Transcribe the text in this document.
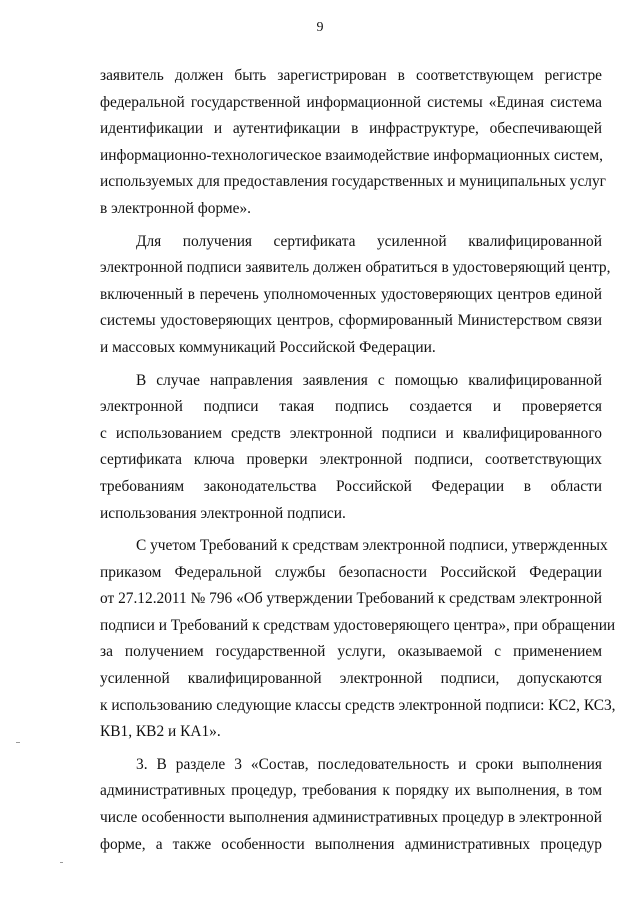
9
заявитель должен быть зарегистрирован в соответствующем регистре
федеральной государственной информационной системы «Единая система
идентификации и аутентификации в инфраструктуре, обеспечивающей
информационно-технологическое взаимодействие информационных систем,
используемых для предоставления государственных и муниципальных услуг
в электронной форме».
Для получения сертификата усиленной квалифицированной
электронной подписи заявитель должен обратиться в удостоверяющий центр,
включенный в перечень уполномоченных удостоверяющих центров единой
системы удостоверяющих центров, сформированный Министерством связи
и массовых коммуникаций Российской Федерации.
В случае направления заявления с помощью квалифицированной
электронной подписи такая подпись создается и проверяется
с использованием средств электронной подписи и квалифицированного
сертификата ключа проверки электронной подписи, соответствующих
требованиям законодательства Российской Федерации в области
использования электронной подписи.
С учетом Требований к средствам электронной подписи, утвержденных
приказом Федеральной службы безопасности Российской Федерации
от 27.12.2011 № 796 «Об утверждении Требований к средствам электронной
подписи и Требований к средствам удостоверяющего центра», при обращении
за получением государственной услуги, оказываемой с применением
усиленной квалифицированной электронной подписи, допускаются
к использованию следующие классы средств электронной подписи: КС2, КС3,
КВ1, КВ2 и КА1».
3. В разделе 3 «Состав, последовательность и сроки выполнения
административных процедур, требования к порядку их выполнения, в том
числе особенности выполнения административных процедур в электронной
форме, а также особенности выполнения административных процедур
